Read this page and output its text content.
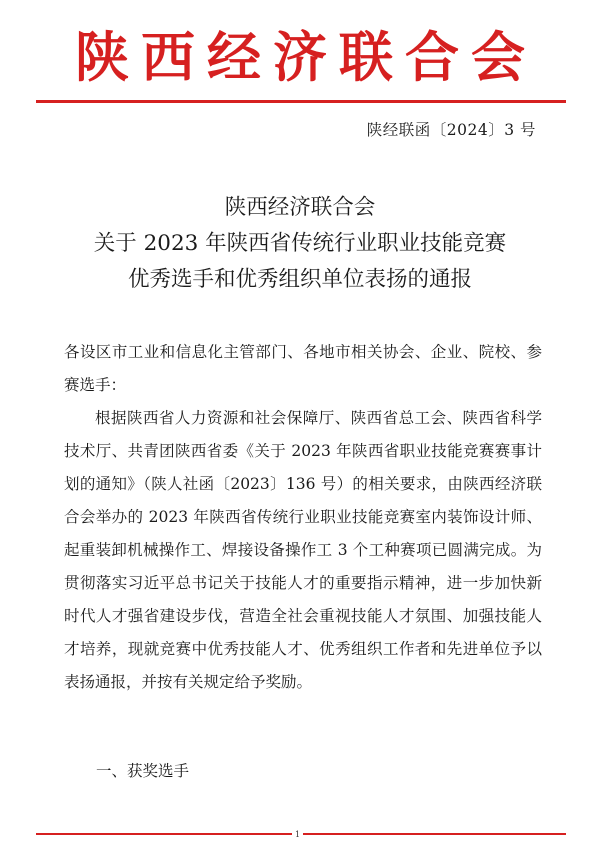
陕西经济联合会
陕经联函〔2024〕3 号
陕西经济联合会
关于 2023 年陕西省传统行业职业技能竞赛
优秀选手和优秀组织单位表扬的通报
各设区市工业和信息化主管部门、各地市相关协会、企业、院校、参赛选手：
根据陕西省人力资源和社会保障厅、陕西省总工会、陕西省科学技术厅、共青团陕西省委《关于 2023 年陕西省职业技能竞赛赛事计划的通知》（陕人社函〔2023〕136 号）的相关要求，由陕西经济联合会举办的 2023 年陕西省传统行业职业技能竞赛室内装饰设计师、起重装卸机械操作工、焊接设备操作工 3 个工种赛项已圆满完成。为贯彻落实习近平总书记关于技能人才的重要指示精神，进一步加快新时代人才强省建设步伐，营造全社会重视技能人才氛围、加强技能人才培养，现就竞赛中优秀技能人才、优秀组织工作者和先进单位予以表扬通报，并按有关规定给予奖励。
一、获奖选手
1
